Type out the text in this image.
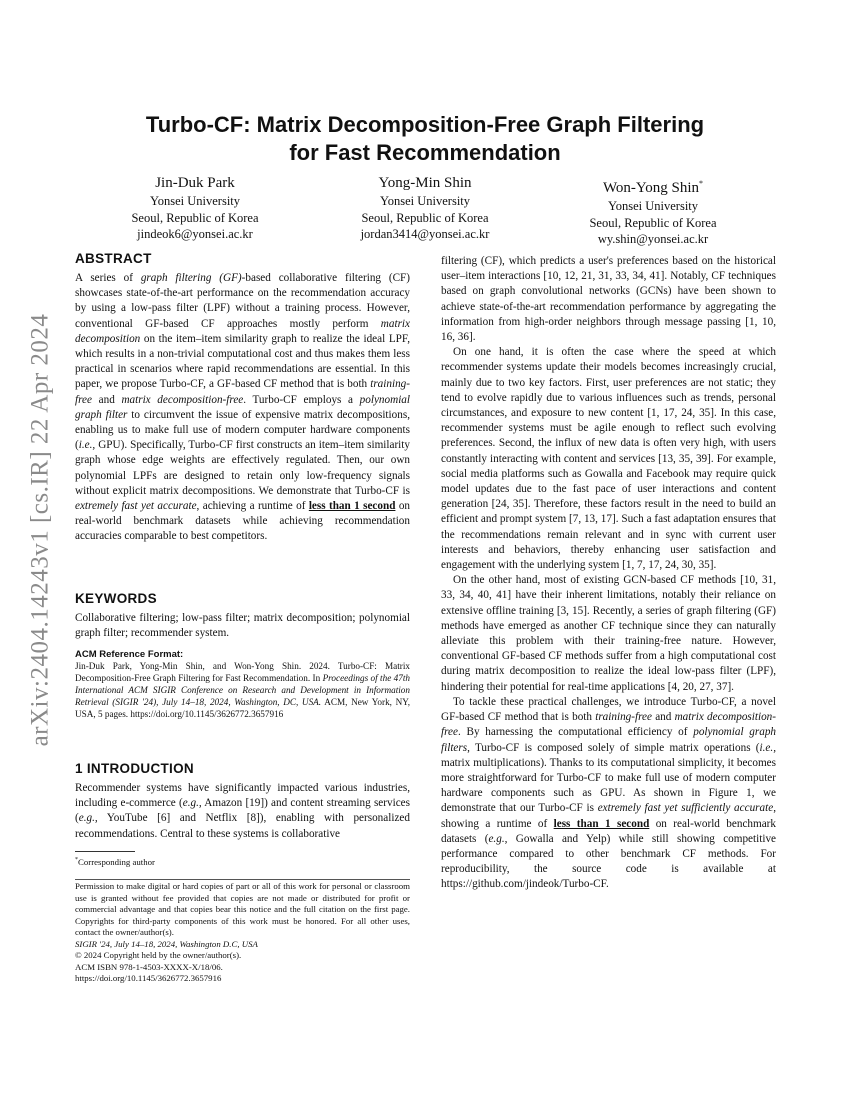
arXiv:2404.14243v1 [cs.IR] 22 Apr 2024
Turbo-CF: Matrix Decomposition-Free Graph Filtering
for Fast Recommendation
Jin-Duk Park
Yonsei University
Seoul, Republic of Korea
jindeok6@yonsei.ac.kr
Yong-Min Shin
Yonsei University
Seoul, Republic of Korea
jordan3414@yonsei.ac.kr
Won-Yong Shin*
Yonsei University
Seoul, Republic of Korea
wy.shin@yonsei.ac.kr
ABSTRACT

A series of graph filtering (GF)-based collaborative filtering (CF) showcases state-of-the-art performance on the recommendation accuracy by using a low-pass filter (LPF) without a training process. However, conventional GF-based CF approaches mostly perform matrix decomposition on the item–item similarity graph to realize the ideal LPF, which results in a non-trivial computational cost and thus makes them less practical in scenarios where rapid recommendations are essential. In this paper, we propose Turbo-CF, a GF-based CF method that is both training-free and matrix decomposition-free. Turbo-CF employs a polynomial graph filter to circumvent the issue of expensive matrix decompositions, enabling us to make full use of modern computer hardware components (i.e., GPU). Specifically, Turbo-CF first constructs an item–item similarity graph whose edge weights are effectively regulated. Then, our own polynomial LPFs are designed to retain only low-frequency signals without explicit matrix decompositions. We demonstrate that Turbo-CF is extremely fast yet accurate, achieving a runtime of less than 1 second on real-world benchmark datasets while achieving recommendation accuracies comparable to best competitors.

KEYWORDS

Collaborative filtering; low-pass filter; matrix decomposition; polynomial graph filter; recommender system.

ACM Reference Format:

Jin-Duk Park, Yong-Min Shin, and Won-Yong Shin. 2024. Turbo-CF: Matrix Decomposition-Free Graph Filtering for Fast Recommendation. In Proceedings of the 47th International ACM SIGIR Conference on Research and Development in Information Retrieval (SIGIR '24), July 14–18, 2024, Washington, DC, USA. ACM, New York, NY, USA, 5 pages. https://doi.org/10.1145/3626772.3657916

1 INTRODUCTION

Recommender systems have significantly impacted various industries, including e-commerce (e.g., Amazon [19]) and content streaming services (e.g., YouTube [6] and Netflix [8]), enabling with personalized recommendations. Central to these systems is collaborative

*Corresponding author

Permission to make digital or hard copies of part or all of this work for personal or classroom use is granted without fee provided that copies are not made or distributed for profit or commercial advantage and that copies bear this notice and the full citation on the first page. Copyrights for third-party components of this work must be honored. For all other uses, contact the owner/author(s).

SIGIR '24, July 14–18, 2024, Washington D.C, USA

© 2024 Copyright held by the owner/author(s).

ACM ISBN 978-1-4503-XXXX-X/18/06.

https://doi.org/10.1145/3626772.3657916

filtering (CF), which predicts a user's preferences based on the historical user–item interactions [10, 12, 21, 31, 33, 34, 41]. Notably, CF techniques based on graph convolutional networks (GCNs) have been shown to achieve state-of-the-art recommendation performance by aggregating the information from high-order neighbors through message passing [1, 10, 16, 36].

On one hand, it is often the case where the speed at which recommender systems update their models becomes increasingly crucial, mainly due to two key factors. First, user preferences are not static; they tend to evolve rapidly due to various influences such as trends, personal circumstances, and exposure to new content [1, 17, 24, 35]. In this case, recommender systems must be agile enough to reflect such evolving preferences. Second, the influx of new data is often very high, with users constantly interacting with content and services [13, 35, 39]. For example, social media platforms such as Gowalla and Facebook may require quick model updates due to the fast pace of user interactions and content generation [24, 35]. Therefore, these factors result in the need to build an efficient and prompt system [7, 13, 17]. Such a fast adaptation ensures that the recommendations remain relevant and in sync with current user interests and behaviors, thereby enhancing user satisfaction and engagement with the underlying system [1, 7, 17, 24, 30, 35].

On the other hand, most of existing GCN-based CF methods [10, 31, 33, 34, 40, 41] have their inherent limitations, notably their reliance on extensive offline training [3, 15]. Recently, a series of graph filtering (GF) methods have emerged as another CF technique since they can naturally alleviate this problem with their training-free nature. However, conventional GF-based CF methods suffer from a high computational cost during matrix decomposition to realize the ideal low-pass filter (LPF), hindering their potential for real-time applications [4, 20, 27, 37].

To tackle these practical challenges, we introduce Turbo-CF, a novel GF-based CF method that is both training-free and matrix decomposition-free. By harnessing the computational efficiency of polynomial graph filters, Turbo-CF is composed solely of simple matrix operations (i.e., matrix multiplications). Thanks to its computational simplicity, it becomes more straightforward for Turbo-CF to make full use of modern computer hardware components such as GPU. As shown in Figure 1, we demonstrate that our Turbo-CF is extremely fast yet sufficiently accurate, showing a runtime of less than 1 second on real-world benchmark datasets (e.g., Gowalla and Yelp) while still showing competitive performance compared to other benchmark CF methods. For reproducibility, the source code is available at https://github.com/jindeok/Turbo-CF.
